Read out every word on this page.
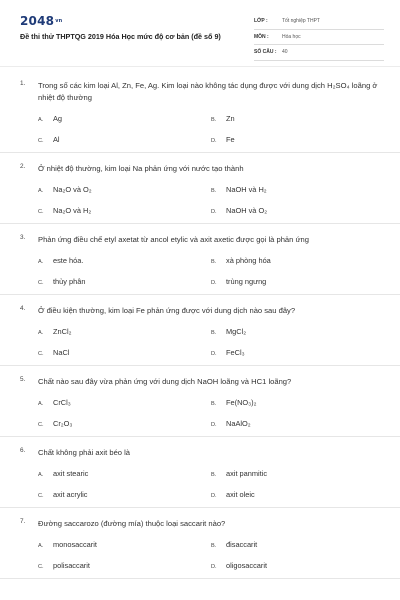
$2048^{vn}$
Đề thi thử THPTQG 2019 Hóa Học mức độ cơ bản (đề số 9)
LỚP :	Tốt nghiệp THPT
MÔN :	Hóa học
SỐ CÂU :	40
1. Trong số các kim loại Al, Zn, Fe, Ag. Kim loại nào không tác dụng được với dung dịch H₂SO₄ loãng ở nhiệt độ thường
A. Ag	B. Zn
C. Al	D. Fe
2. Ở nhiệt độ thường, kim loại Na phản ứng với nước tạo thành
A. Na₂O và O₂	B. NaOH và H₂
C. Na₂O và H₂	D. NaOH và O₂
3. Phản ứng điều chế etyl axetat từ ancol etylic và axit axetic được gọi là phản ứng
A. este hóa.	B. xà phòng hóa
C. thủy phân	D. trùng ngưng
4. Ở điều kiện thường, kim loại Fe phản ứng được với dung dịch nào sau đây?
A. ZnCl₂	B. MgCl₂
C. NaCl	D. FeCl₃
5. Chất nào sau đây vừa phản ứng với dung dịch NaOH loãng và HC1 loãng?
A. CrCl₃	B. Fe(NO₃)₂
C. Cr₂O₃	D. NaAlO₂
6. Chất không phải axit béo là
A. axit stearic	B. axit panmitic
C. axit acrylic	D. axit oleic
7. Đường saccarozo (đường mía) thuộc loại saccarit nào?
A. monosaccarit	B. đisaccarit
C. polisaccarit	D. oligosaccarit
